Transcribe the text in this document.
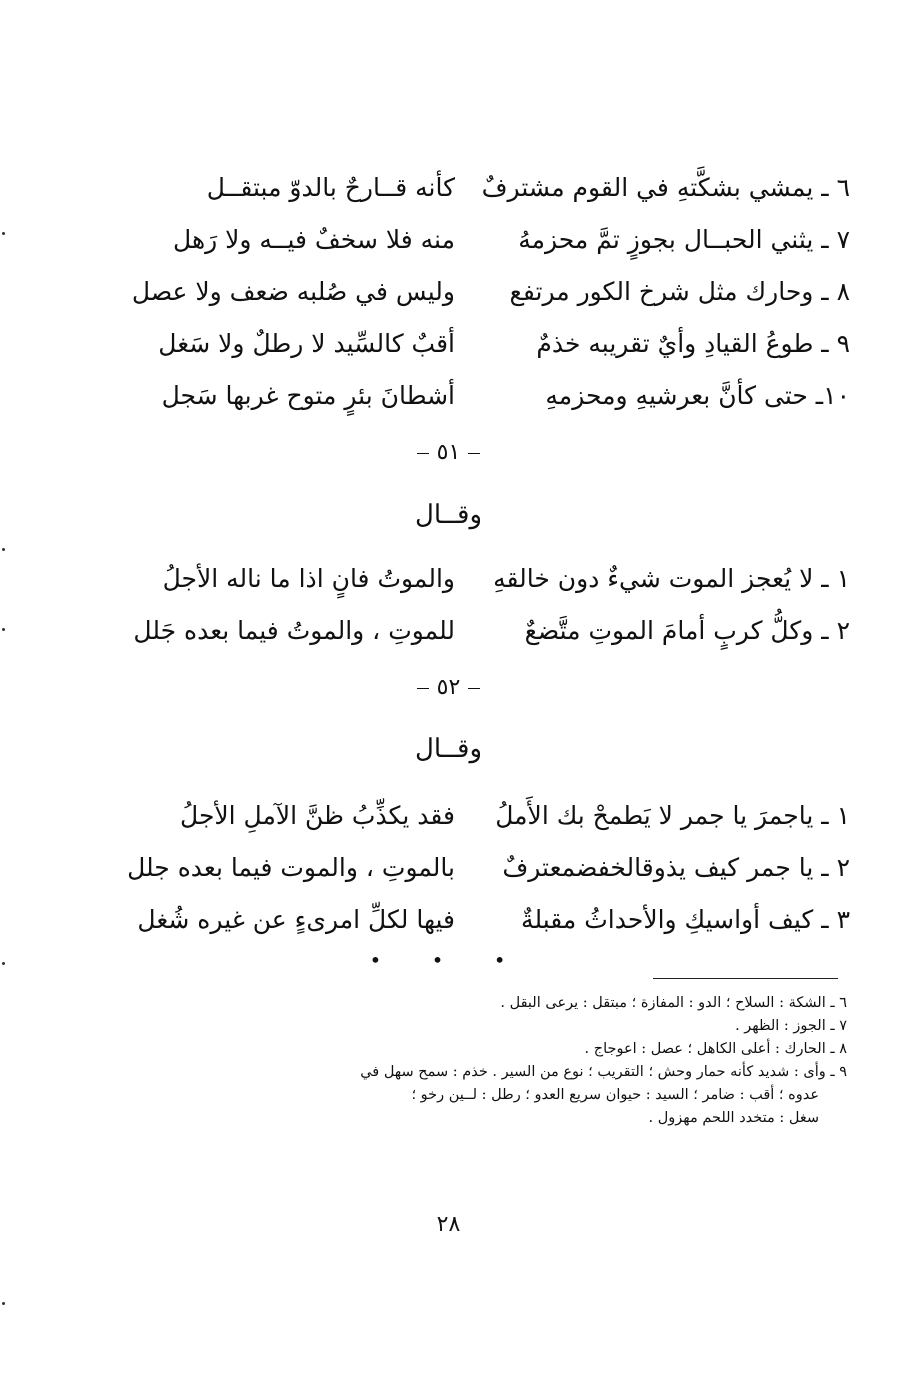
٦ ـ يمشي بشكَّتهِ في القوم مشترفٌ
كأنه قــارحٌ بالدوّ مبتقــل
٧ ـ يثني الحبــال بجوزٍ تمَّ محزمهُ
منه فلا سخفٌ فيــه ولا رَهل
٨ ـ وحارك مثل شرخ الكور مرتفع
وليس في صُلبه ضعف ولا عصل
٩ ـ طوعُ القيادِ وأيٌ تقريبه خذمٌ
أقبٌ كالسِّيد لا رطلٌ ولا سَغل
١٠ـ حتى كأنَّ بعرشيهِ ومحزمهِ
أشطانَ بئرٍ متوح غربها سَجل
٥١
وقــال
١ ـ لا يُعجز الموت شيءٌ دون خالقهِ
والموتُ فانٍ اذا ما ناله الأجلُ
٢ ـ وكلُّ كربٍ أمامَ الموتِ متَّضعٌ
للموتِ ، والموتُ فيما بعده جَلل
٥٢
وقــال
١ ـ ياجمرَ يا جمر لا يَطمحْ بك الأَملُ
فقد يكذِّبُ ظنَّ الآملِ الأجلُ
٢ ـ يا جمر كيف يذوقالخفضمعترفٌ
بالموتِ ، والموت فيما بعده جلل
٣ ـ كيف أواسيكِ والأحداثُ مقبلةٌ
فيها لكلِّ امرىءٍ عن غيره شُغل
• • •
٦ ـ الشكة : السلاح ؛ الدو : المفازة ؛ مبتقل : يرعى البقل .
٧ ـ الجوز : الظهر .
٨ ـ الحارك : أعلى الكاهل ؛ عصل : اعوجاج .
٩ ـ وأى : شديد كأنه حمار وحش ؛ التقريب ؛ نوع من السير . خذم : سمح سهل في
عدوه ؛ أقب : ضامر ؛ السيد : حيوان سريع العدو ؛ رطل : لــين رخو ؛
سغل : متخدد اللحم مهزول .
٢٨
